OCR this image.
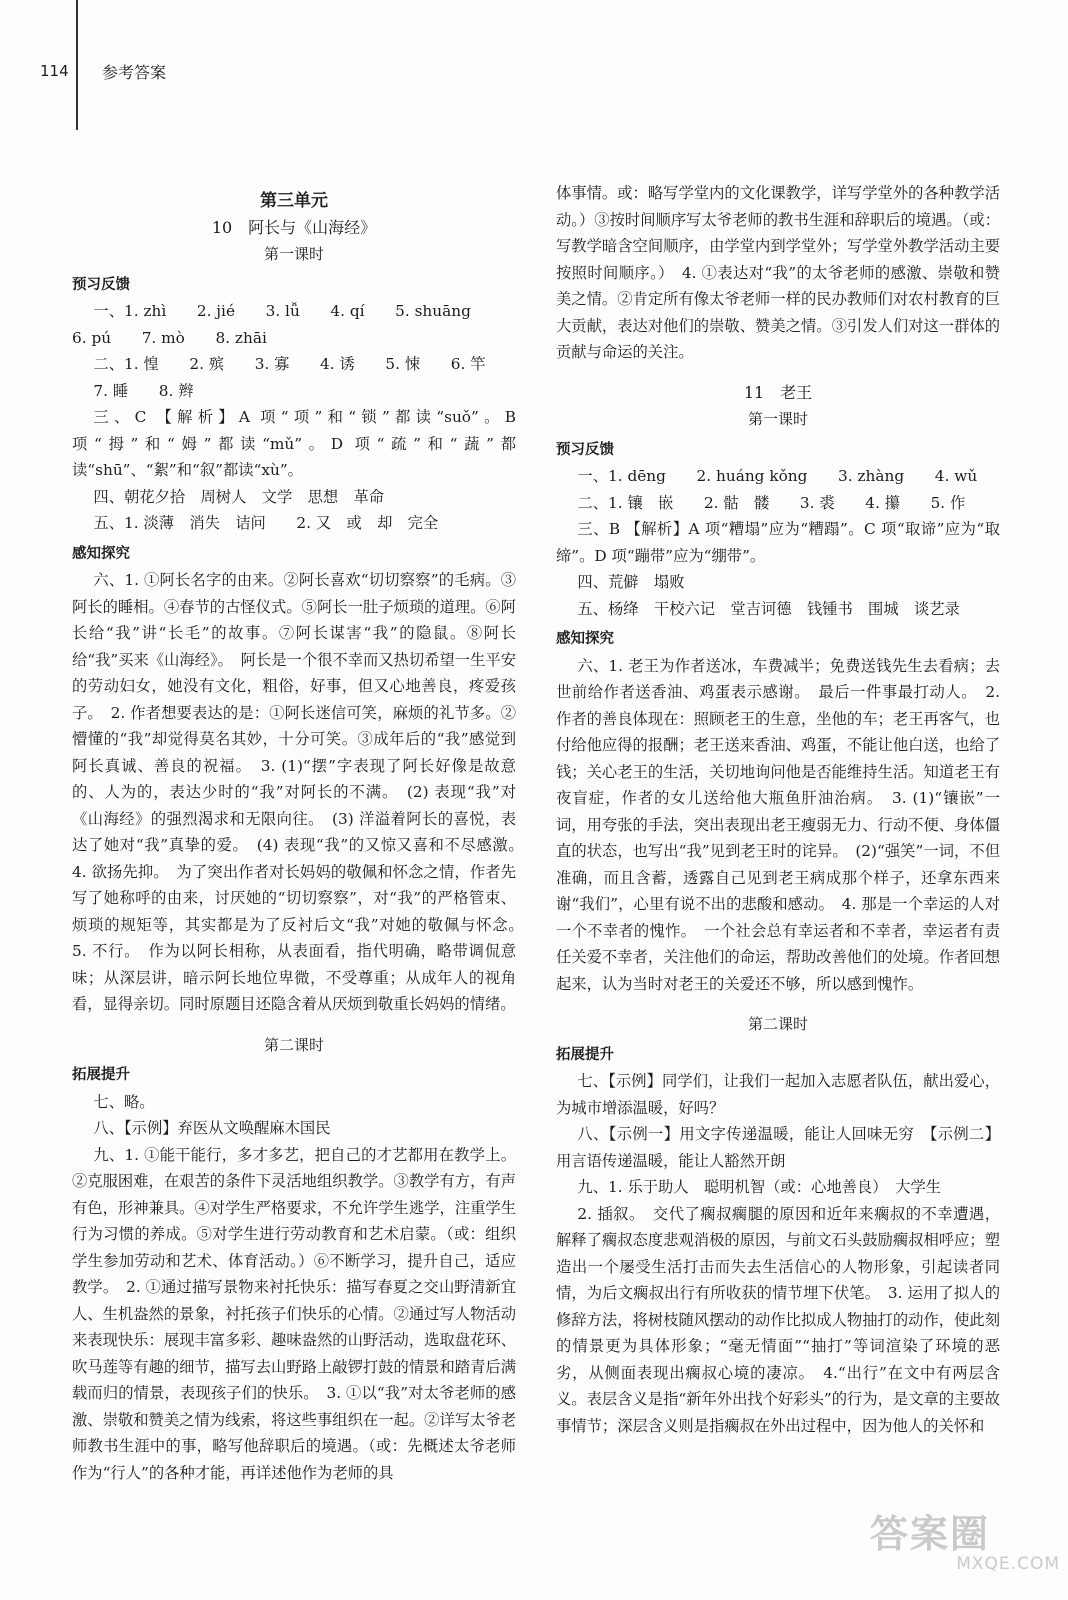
114 参考答案
第三单元
10　阿长与《山海经》
第一课时
预习反馈

一、1. zhì　　2. jié　　3. lǚ　　4. qí　　5. shuāng

6. pú　　7. mò　　8. zhāi

二、1. 惶　　2. 殡　　3. 寡　　4. 诱　　5. 悚　　6. 竿

7. 睡　　8. 辫

三、C 【解析】A 项“项”和“锁”都读“suǒ”。B 项“拇”和“姆”都读“mǔ”。D 项“疏”和“蔬”都读“shū”、“絮”和“叙”都读“xù”。

四、朝花夕拾　周树人　文学　思想　革命

五、1. 淡薄　消失　诘问　　2. 又　或　却　完全

感知探究

六、1. ①阿长名字的由来。②阿长喜欢“切切察察”的毛病。③阿长的睡相。④春节的古怪仪式。⑤阿长一肚子烦琐的道理。⑥阿长给“我”讲“长毛”的故事。⑦阿长谋害“我”的隐鼠。⑧阿长给“我”买来《山海经》。　阿长是一个很不幸而又热切希望一生平安的劳动妇女，她没有文化，粗俗，好事，但又心地善良，疼爱孩子。　2. 作者想要表达的是：①阿长迷信可笑，麻烦的礼节多。②懵懂的“我”却觉得莫名其妙，十分可笑。③成年后的“我”感觉到阿长真诚、善良的祝福。　3. (1)“摆”字表现了阿长好像是故意的、人为的，表达少时的“我”对阿长的不满。　(2) 表现“我”对《山海经》的强烈渴求和无限向往。　(3) 洋溢着阿长的喜悦，表达了她对“我”真挚的爱。　(4) 表现“我”的又惊又喜和不尽感激。　4. 欲扬先抑。　为了突出作者对长妈妈的敬佩和怀念之情，作者先写了她称呼的由来，讨厌她的“切切察察”，对“我”的严格管束、烦琐的规矩等，其实都是为了反衬后文“我”对她的敬佩与怀念。　5. 不行。　作为以阿长相称，从表面看，指代明确，略带调侃意味；从深层讲，暗示阿长地位卑微，不受尊重；从成年人的视角看，显得亲切。同时原题目还隐含着从厌烦到敬重长妈妈的情绪。

第二课时
拓展提升

七、略。

八、【示例】弃医从文唤醒麻木国民

九、1. ①能干能行，多才多艺，把自己的才艺都用在教学上。②克服困难，在艰苦的条件下灵活地组织教学。③教学有方，有声有色，形神兼具。④对学生严格要求，不允许学生逃学，注重学生行为习惯的养成。⑤对学生进行劳动教育和艺术启蒙。（或：组织学生参加劳动和艺术、体育活动。）⑥不断学习，提升自己，适应教学。　2. ①通过描写景物来衬托快乐：描写春夏之交山野清新宜人、生机盎然的景象，衬托孩子们快乐的心情。②通过写人物活动来表现快乐：展现丰富多彩、趣味盎然的山野活动，选取盘花环、吹马莲等有趣的细节，描写去山野路上敲锣打鼓的情景和踏青后满载而归的情景，表现孩子们的快乐。　3. ①以“我”对太爷老师的感激、崇敬和赞美之情为线索，将这些事组织在一起。②详写太爷老师教书生涯中的事，略写他辞职后的境遇。（或：先概述太爷老师作为“行人”的各种才能，再详述他作为老师的具

体事情。或：略写学堂内的文化课教学，详写学堂外的各种教学活动。）③按时间顺序写太爷老师的教书生涯和辞职后的境遇。（或：写教学暗含空间顺序，由学堂内到学堂外；写学堂外教学活动主要按照时间顺序。）　4. ①表达对“我”的太爷老师的感激、崇敬和赞美之情。②肯定所有像太爷老师一样的民办教师们对农村教育的巨大贡献，表达对他们的崇敬、赞美之情。③引发人们对这一群体的贡献与命运的关注。

11　老王
第一课时
预习反馈

一、1. dēng　　2. huáng kǒng　　3. zhàng　　4. wǔ

二、1. 镶　嵌　　2. 骷　髅　　3. 裘　　4. 攥　　5. 作

三、B 【解析】A 项“糟塌”应为“糟蹋”。C 项“取谛”应为“取缔”。D 项“蹦带”应为“绷带”。

四、荒僻　塌败

五、杨绛　干校六记　堂吉诃德　钱锺书　围城　谈艺录

感知探究

六、1. 老王为作者送冰，车费减半；免费送钱先生去看病；去世前给作者送香油、鸡蛋表示感谢。　最后一件事最打动人。　2. 作者的善良体现在：照顾老王的生意，坐他的车；老王再客气，也付给他应得的报酬；老王送来香油、鸡蛋，不能让他白送，也给了钱；关心老王的生活，关切地询问他是否能维持生活。知道老王有夜盲症，作者的女儿送给他大瓶鱼肝油治病。　3. (1)“镶嵌”一词，用夸张的手法，突出表现出老王瘦弱无力、行动不便、身体僵直的状态，也写出“我”见到老王时的诧异。　(2)“强笑”一词，不但准确，而且含蓄，透露自己见到老王病成那个样子，还拿东西来谢“我们”，心里有说不出的悲酸和感动。　4. 那是一个幸运的人对一个不幸者的愧怍。　一个社会总有幸运者和不幸者，幸运者有责任关爱不幸者，关注他们的命运，帮助改善他们的处境。作者回想起来，认为当时对老王的关爱还不够，所以感到愧怍。

第二课时
拓展提升

七、【示例】同学们，让我们一起加入志愿者队伍，献出爱心，为城市增添温暖，好吗？

八、【示例一】用文字传递温暖，能让人回味无穷　【示例二】用言语传递温暖，能让人豁然开朗

九、1. 乐于助人　聪明机智（或：心地善良）　大学生

2. 插叙。　交代了瘸叔瘸腿的原因和近年来瘸叔的不幸遭遇，解释了瘸叔态度悲观消极的原因，与前文石头鼓励瘸叔相呼应；塑造出一个屡受生活打击而失去生活信心的人物形象，引起读者同情，为后文瘸叔出行有所收获的情节埋下伏笔。　3. 运用了拟人的修辞方法，将树枝随风摆动的动作比拟成人物抽打的动作，使此刻的情景更为具体形象；“毫无情面”“抽打”等词渲染了环境的恶劣，从侧面表现出瘸叔心境的凄凉。　4.“出行”在文中有两层含义。表层含义是指“新年外出找个好彩头”的行为，是文章的主要故事情节；深层含义则是指瘸叔在外出过程中，因为他人的关怀和

答案圈
MXQE.COM
